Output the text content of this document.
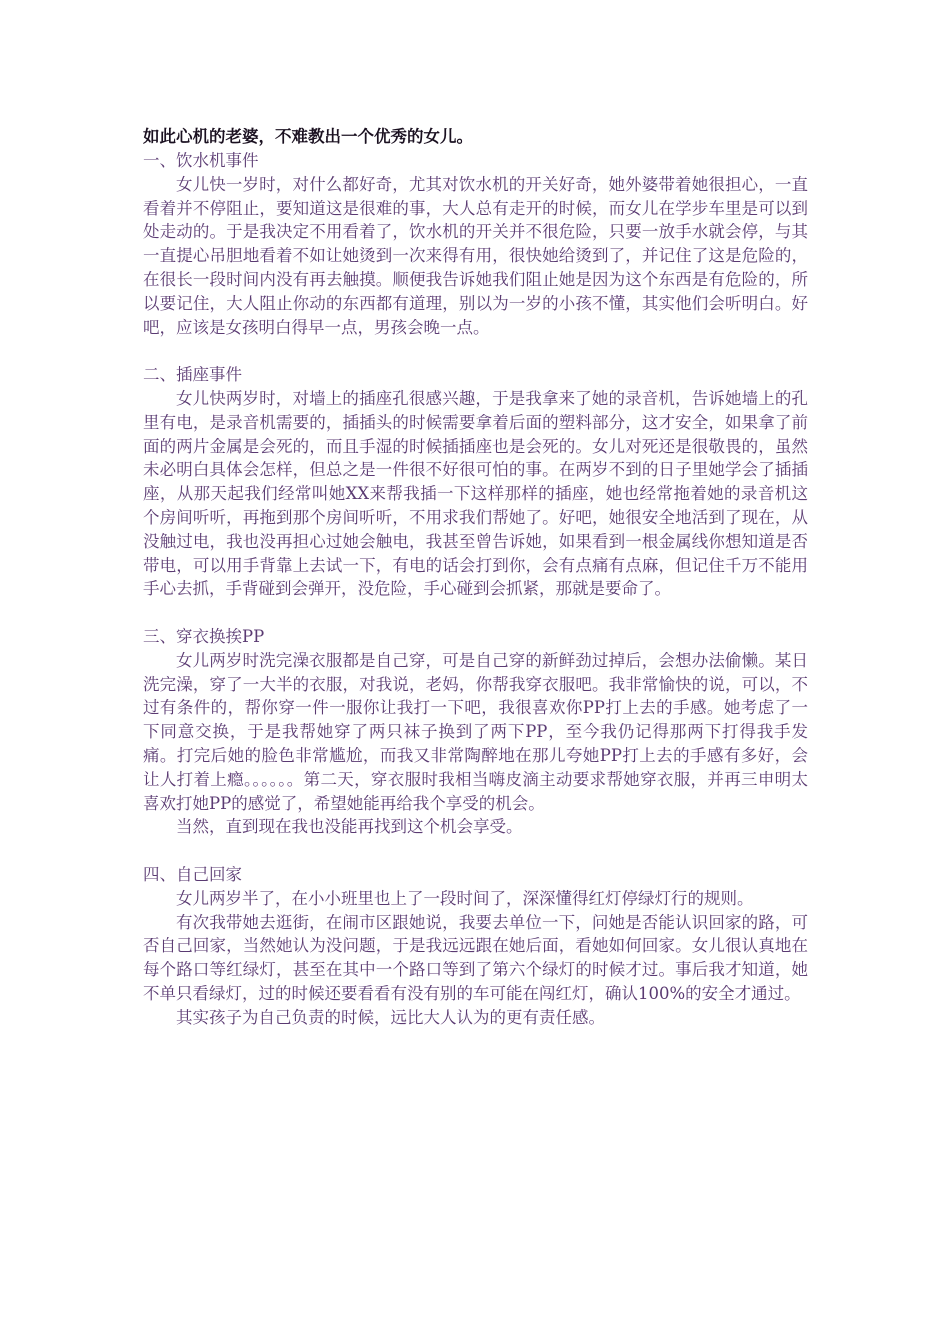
如此心机的老婆，不难教出一个优秀的女儿。

一、饮水机事件

女儿快一岁时，对什么都好奇，尤其对饮水机的开关好奇，她外婆带着她很担心，一直看着并不停阻止，要知道这是很难的事，大人总有走开的时候，而女儿在学步车里是可以到处走动的。于是我决定不用看着了，饮水机的开关并不很危险，只要一放手水就会停，与其一直提心吊胆地看着不如让她烫到一次来得有用，很快她给烫到了，并记住了这是危险的，在很长一段时间内没有再去触摸。顺便我告诉她我们阻止她是因为这个东西是有危险的，所以要记住，大人阻止你动的东西都有道理，别以为一岁的小孩不懂，其实他们会听明白。好吧，应该是女孩明白得早一点，男孩会晚一点。

二、插座事件

女儿快两岁时，对墙上的插座孔很感兴趣，于是我拿来了她的录音机，告诉她墙上的孔里有电，是录音机需要的，插插头的时候需要拿着后面的塑料部分，这才安全，如果拿了前面的两片金属是会死的，而且手湿的时候插插座也是会死的。女儿对死还是很敬畏的，虽然未必明白具体会怎样，但总之是一件很不好很可怕的事。在两岁不到的日子里她学会了插插座，从那天起我们经常叫她XX来帮我插一下这样那样的插座，她也经常拖着她的录音机这个房间听听，再拖到那个房间听听，不用求我们帮她了。好吧，她很安全地活到了现在，从没触过电，我也没再担心过她会触电，我甚至曾告诉她，如果看到一根金属线你想知道是否带电，可以用手背靠上去试一下，有电的话会打到你，会有点痛有点麻，但记住千万不能用手心去抓，手背碰到会弹开，没危险，手心碰到会抓紧，那就是要命了。

三、穿衣换挨PP

女儿两岁时洗完澡衣服都是自己穿，可是自己穿的新鲜劲过掉后，会想办法偷懒。某日洗完澡，穿了一大半的衣服，对我说，老妈，你帮我穿衣服吧。我非常愉快的说，可以，不过有条件的，帮你穿一件一服你让我打一下吧，我很喜欢你PP打上去的手感。她考虑了一下同意交换，于是我帮她穿了两只袜子换到了两下PP，至今我仍记得那两下打得我手发痛。打完后她的脸色非常尴尬，而我又非常陶醉地在那儿夸她PP打上去的手感有多好，会让人打着上瘾。。。。。。第二天，穿衣服时我相当嗨皮滴主动要求帮她穿衣服，并再三申明太喜欢打她PP的感觉了，希望她能再给我个享受的机会。

当然，直到现在我也没能再找到这个机会享受。

四、自己回家

女儿两岁半了，在小小班里也上了一段时间了，深深懂得红灯停绿灯行的规则。

有次我带她去逛街，在闹市区跟她说，我要去单位一下，问她是否能认识回家的路，可否自己回家，当然她认为没问题，于是我远远跟在她后面，看她如何回家。女儿很认真地在每个路口等红绿灯，甚至在其中一个路口等到了第六个绿灯的时候才过。事后我才知道，她不单只看绿灯，过的时候还要看看有没有别的车可能在闯红灯，确认100%的安全才通过。

其实孩子为自己负责的时候，远比大人认为的更有责任感。
